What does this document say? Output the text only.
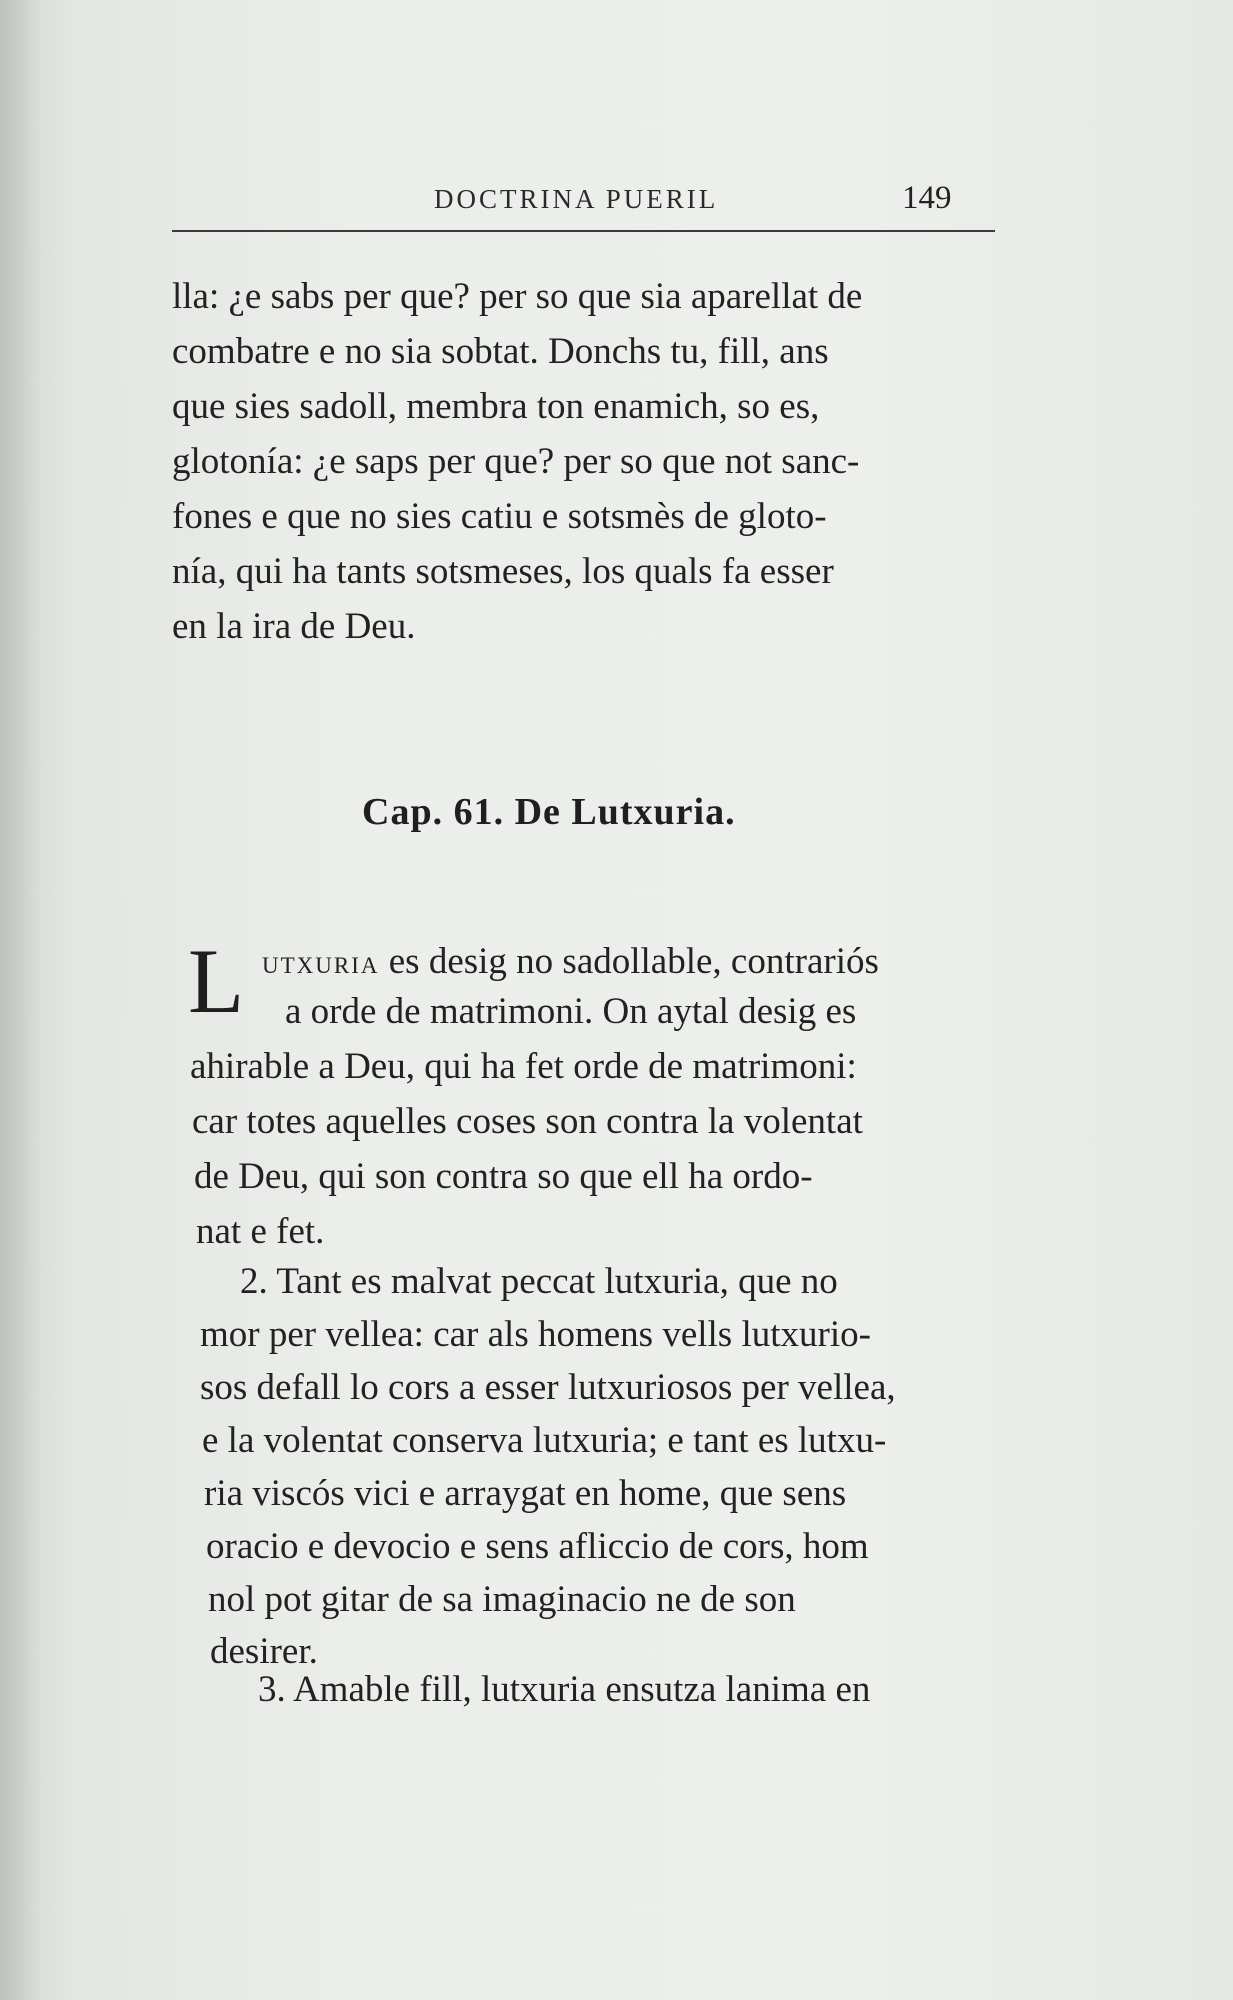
DOCTRINA PUERIL	149
lla: ¿e sabs per que? per so que sia aparellat de
combatre e no sia sobtat. Donchs tu, fill, ans
que sies sadoll, membra ton enamich, so es,
glotonía: ¿e saps per que? per so que not sanc-
fones e que no sies catiu e sotsmès de gloto-
nía, qui ha tants sotsmeses, los quals fa esser
en la ira de Deu.
Cap. 61. De Lutxuria.
L utxuria es desig no sadollable, contrariós
a orde de matrimoni. On aytal desig es
ahirable a Deu, qui ha fet orde de matrimoni:
car totes aquelles coses son contra la volentat
de Deu, qui son contra so que ell ha ordo-
nat e fet.
2. Tant es malvat peccat lutxuria, que no
mor per vellea: car als homens vells lutxurio-
sos defall lo cors a esser lutxuriosos per vellea,
e la volentat conserva lutxuria; e tant es lutxu-
ria viscós vici e arraygat en home, que sens
oracio e devocio e sens afliccio de cors, hom
nol pot gitar de sa imaginacio ne de son
desirer.
3. Amable fill, lutxuria ensutza lanima en
